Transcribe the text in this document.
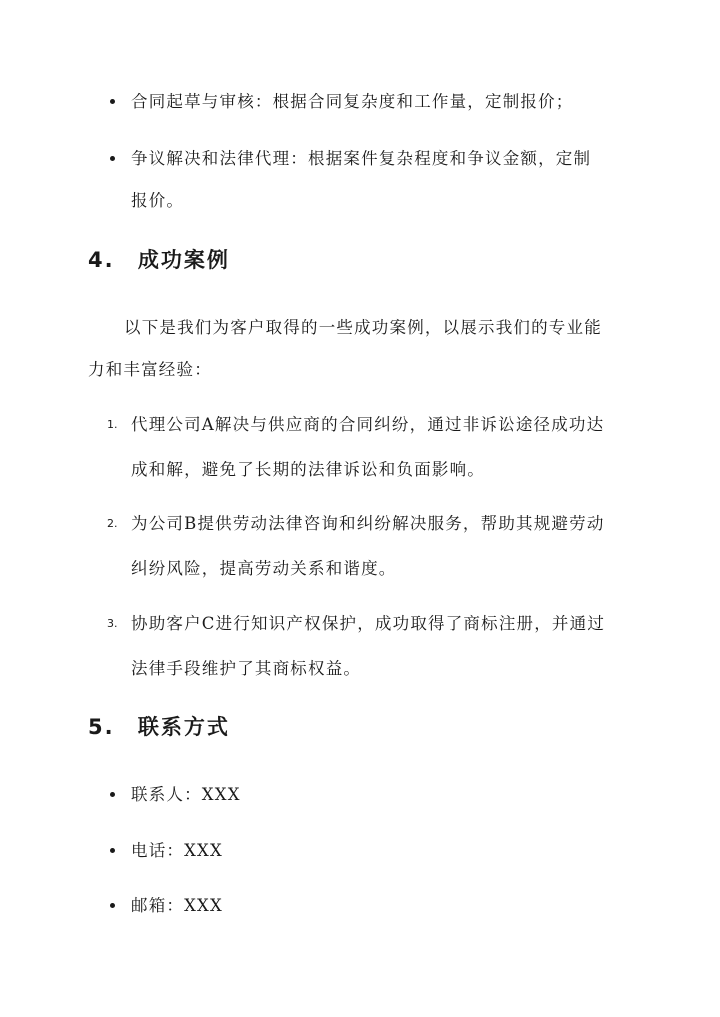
合同起草与审核：根据合同复杂度和工作量，定制报价；
争议解决和法律代理：根据案件复杂程度和争议金额，定制
报价。
4. 成功案例
以下是我们为客户取得的一些成功案例，以展示我们的专业能
力和丰富经验：
1. 代理公司A解决与供应商的合同纠纷，通过非诉讼途径成功达
成和解，避免了长期的法律诉讼和负面影响。
2. 为公司B提供劳动法律咨询和纠纷解决服务，帮助其规避劳动
纠纷风险，提高劳动关系和谐度。
3. 协助客户C进行知识产权保护，成功取得了商标注册，并通过
法律手段维护了其商标权益。
5. 联系方式
联系人：XXX
电话：XXX
邮箱：XXX
